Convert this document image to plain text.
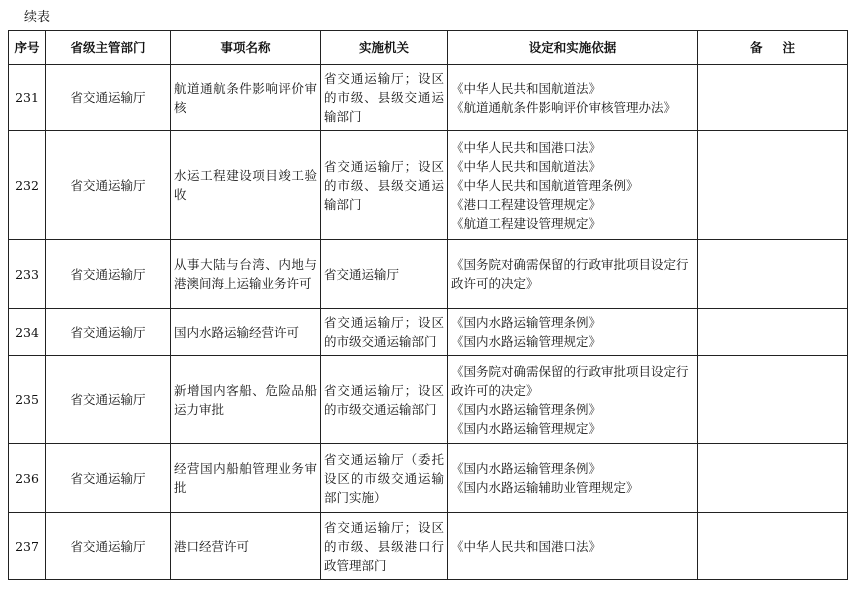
续表
序号	省级主管部门	事项名称	实施机关	设定和实施依据	备注
231	省交通运输厅	航道通航条件影响评价审核	省交通运输厅；设区的市级、县级交通运输部门	《中华人民共和国航道法》
《航道通航条件影响评价审核管理办法》	

232	省交通运输厅	水运工程建设项目竣工验收	省交通运输厅；设区的市级、县级交通运输部门	《中华人民共和国港口法》
《中华人民共和国航道法》
《中华人民共和国航道管理条例》
《港口工程建设管理规定》
《航道工程建设管理规定》	

233	省交通运输厅	从事大陆与台湾、内地与港澳间海上运输业务许可	省交通运输厅	《国务院对确需保留的行政审批项目设定行政许可的决定》	

234	省交通运输厅	国内水路运输经营许可	省交通运输厅；设区的市级交通运输部门	《国内水路运输管理条例》
《国内水路运输管理规定》	

235	省交通运输厅	新增国内客船、危险品船运力审批	省交通运输厅；设区的市级交通运输部门	《国务院对确需保留的行政审批项目设定行政许可的决定》
《国内水路运输管理条例》
《国内水路运输管理规定》	

236	省交通运输厅	经营国内船舶管理业务审批	省交通运输厅（委托设区的市级交通运输部门实施）	《国内水路运输管理条例》
《国内水路运输辅助业管理规定》	

237	省交通运输厅	港口经营许可	省交通运输厅；设区的市级、县级港口行政管理部门	《中华人民共和国港口法》	
